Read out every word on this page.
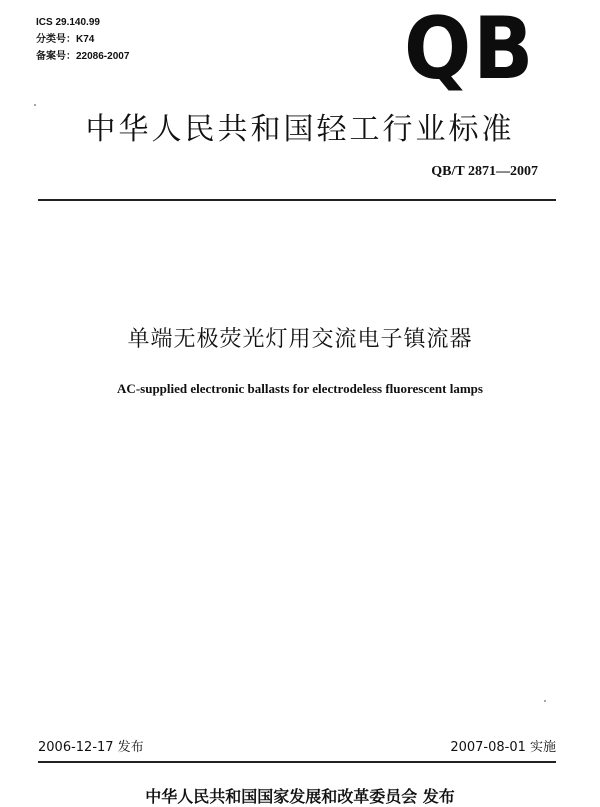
ICS 29.140.99
分类号：K74
备案号：22086-2007	QB
中华人民共和国轻工行业标准
QB/T 2871—2007
单端无极荧光灯用交流电子镇流器
AC-supplied electronic ballasts for electrodeless fluorescent lamps
2006-12-17 发布	2007-08-01 实施
中华人民共和国国家发展和改革委员会 发布
